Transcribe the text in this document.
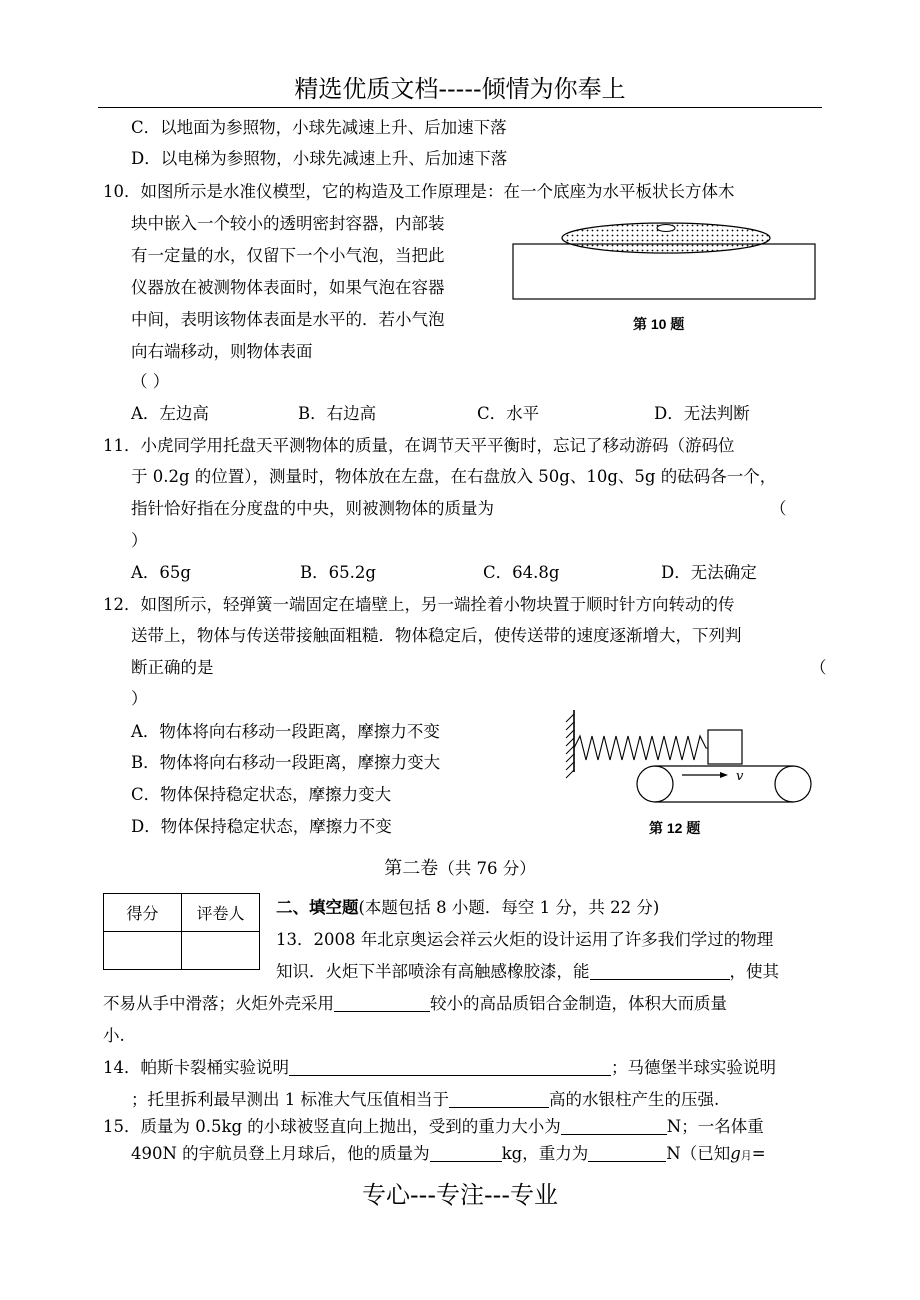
精选优质文档-----倾情为你奉上
C．以地面为参照物，小球先减速上升、后加速下落
D．以电梯为参照物，小球先减速上升、后加速下落
10．如图所示是水准仪模型，它的构造及工作原理是：在一个底座为水平板状长方体木
块中嵌入一个较小的透明密封容器，内部装
有一定量的水，仅留下一个小气泡，当把此
仪器放在被测物体表面时，如果气泡在容器
中间，表明该物体表面是水平的．若小气泡
向右端移动，则物体表面
（ ）
A．左边高	B．右边高	C．水平	D．无法判断
第 10 题
11．小虎同学用托盘天平测物体的质量，在调节天平平衡时，忘记了移动游码（游码位
于 0.2g 的位置），测量时，物体放在左盘，在右盘放入 50g、10g、5g 的砝码各一个，
指针恰好指在分度盘的中央，则被测物体的质量为	（
）
A．65g	B．65.2g	C．64.8g	D．无法确定
12．如图所示，轻弹簧一端固定在墙壁上，另一端拴着小物块置于顺时针方向转动的传
送带上，物体与传送带接触面粗糙．物体稳定后，使传送带的速度逐渐增大，下列判
断正确的是	（
）
A．物体将向右移动一段距离，摩擦力不变
B．物体将向右移动一段距离，摩擦力变大
C．物体保持稳定状态，摩擦力变大
D．物体保持稳定状态，摩擦力不变
v
第 12 题
第二卷（共 76 分）
得分	评卷人
	二、填空题(本题包括 8 小题．每空 1 分，共 22 分)
13．2008 年北京奥运会祥云火炬的设计运用了许多我们学过的物理
知识．火炬下半部喷涂有高触感橡胶漆，能	，使其
不易从手中滑落；火炬外壳采用	较小的高品质铝合金制造，体积大而质量
小.
14．帕斯卡裂桶实验说明	；马德堡半球实验说明
；托里拆利最早测出 1 标准大气压值相当于	高的水银柱产生的压强.
15．质量为 0.5kg 的小球被竖直向上抛出，受到的重力大小为	N；一名体重
490N 的宇航员登上月球后，他的质量为	kg，重力为	N（已知g月=
专心---专注---专业
